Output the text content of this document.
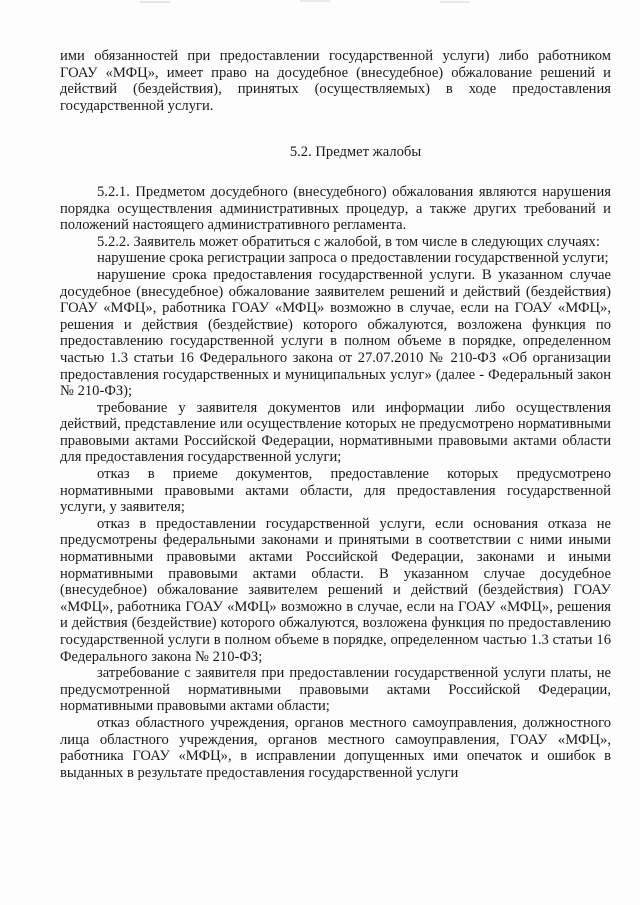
ими обязанностей при предоставлении государственной услуги) либо работником ГОАУ «МФЦ», имеет право на досудебное (внесудебное) обжалование решений и действий (бездействия), принятых (осуществляемых) в ходе предоставления государственной услуги.

5.2. Предмет жалобы

5.2.1. Предметом досудебного (внесудебного) обжалования являются нарушения порядка осуществления административных процедур, а также других требований и положений настоящего административного регламента.

5.2.2. Заявитель может обратиться с жалобой, в том числе в следующих случаях:

нарушение срока регистрации запроса о предоставлении государственной услуги;

нарушение срока предоставления государственной услуги. В указанном случае досудебное (внесудебное) обжалование заявителем решений и действий (бездействия) ГОАУ «МФЦ», работника ГОАУ «МФЦ» возможно в случае, если на ГОАУ «МФЦ», решения и действия (бездействие) которого обжалуются, возложена функция по предоставлению государственной услуги в полном объеме в порядке, определенном частью 1.3 статьи 16 Федерального закона от 27.07.2010 № 210-ФЗ «Об организации предоставления государственных и муниципальных услуг» (далее - Федеральный закон № 210-ФЗ);

требование у заявителя документов или информации либо осуществления действий, представление или осуществление которых не предусмотрено нормативными правовыми актами Российской Федерации, нормативными правовыми актами области для предоставления государственной услуги;

отказ в приеме документов, предоставление которых предусмотрено нормативными правовыми актами области, для предоставления государственной услуги, у заявителя;

отказ в предоставлении государственной услуги, если основания отказа не предусмотрены федеральными законами и принятыми в соответствии с ними иными нормативными правовыми актами Российской Федерации, законами и иными нормативными правовыми актами области. В указанном случае досудебное (внесудебное) обжалование заявителем решений и действий (бездействия) ГОАУ «МФЦ», работника ГОАУ «МФЦ» возможно в случае, если на ГОАУ «МФЦ», решения и действия (бездействие) которого обжалуются, возложена функция по предоставлению государственной услуги в полном объеме в порядке, определенном частью 1.3 статьи 16 Федерального закона № 210-ФЗ;

затребование с заявителя при предоставлении государственной услуги платы, не предусмотренной нормативными правовыми актами Российской Федерации, нормативными правовыми актами области;

отказ областного учреждения, органов местного самоуправления, должностного лица областного учреждения, органов местного самоуправления, ГОАУ «МФЦ», работника ГОАУ «МФЦ», в исправлении допущенных ими опечаток и ошибок в выданных в результате предоставления государственной услуги
